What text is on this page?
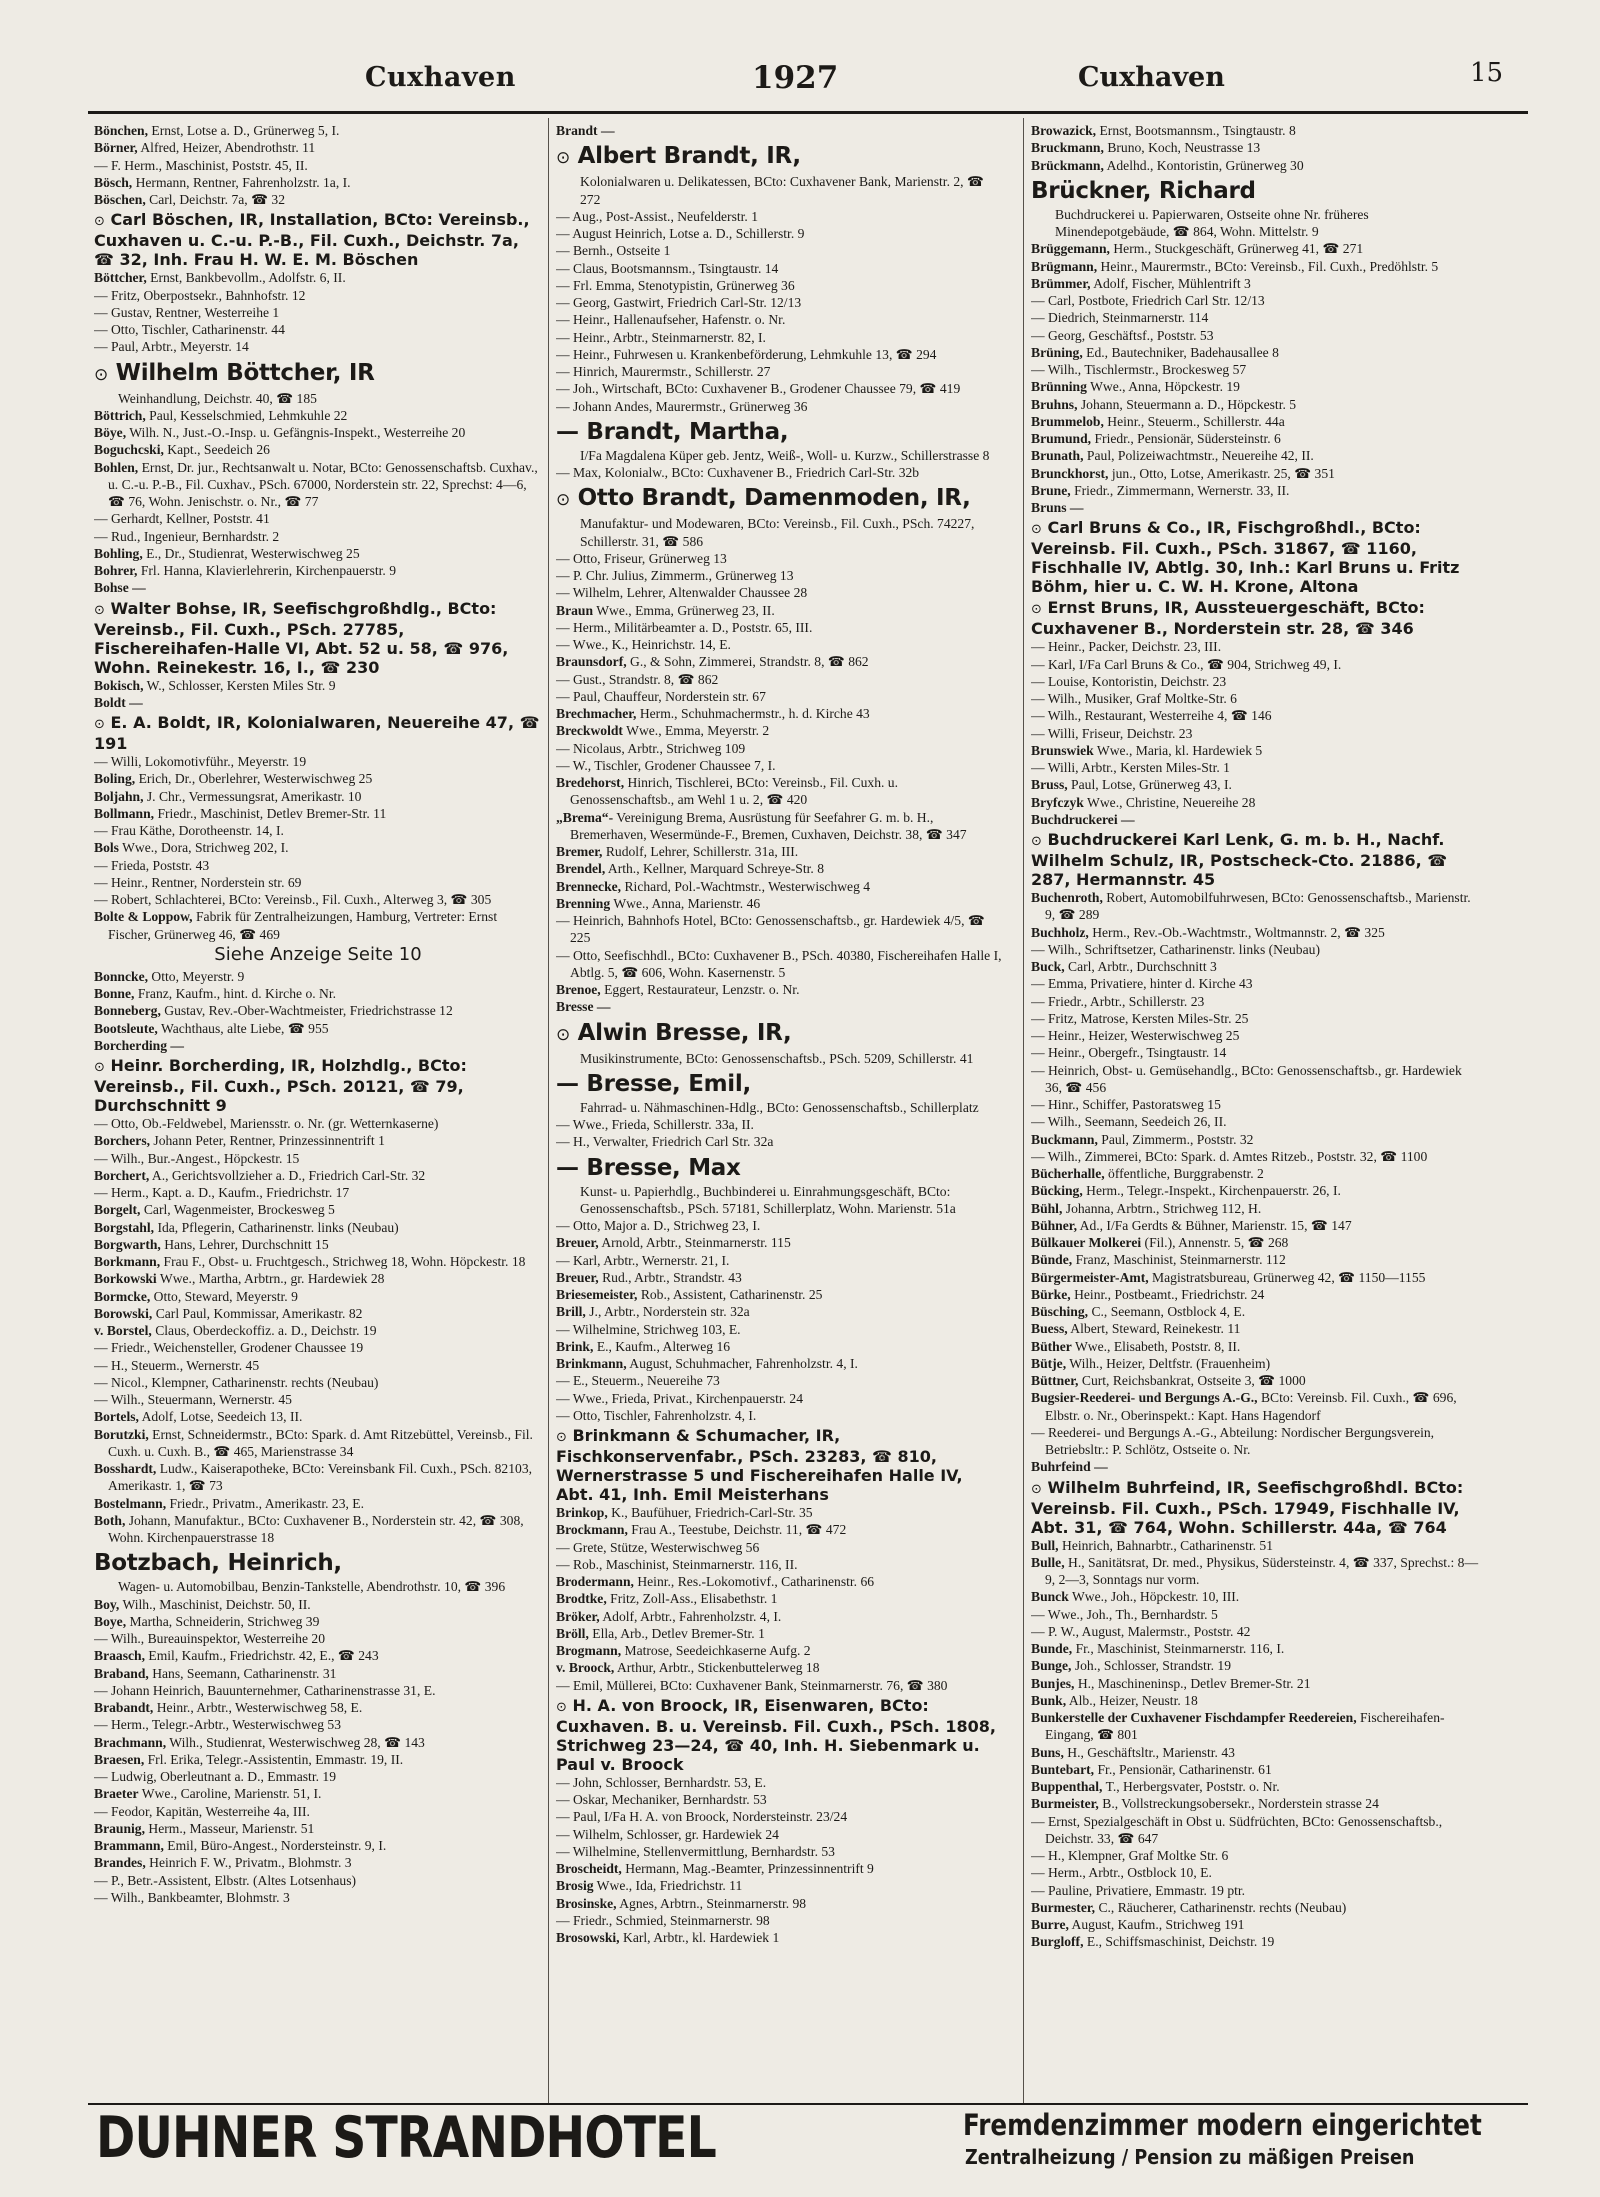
Cuxhaven	1927	Cuxhaven	15

Bönchen, Ernst, Lotse a. D., Grünerweg 5, I.

Börner, Alfred, Heizer, Abendrothstr. 11

— F. Herm., Maschinist, Poststr. 45, II.

Bösch, Hermann, Rentner, Fahrenholzstr. 1a, I.

Böschen, Carl, Deichstr. 7a, ☎ 32

⊙ Carl Böschen, IR, Installation, BCto: Vereinsb., Cuxhaven u. C.-u. P.-B., Fil. Cuxh., Deichstr. 7a, ☎ 32, Inh. Frau H. W. E. M. Böschen

Böttcher, Ernst, Bankbevollm., Adolfstr. 6, II.

— Fritz, Oberpostsekr., Bahnhofstr. 12

— Gustav, Rentner, Westerreihe 1

— Otto, Tischler, Catharinenstr. 44

— Paul, Arbtr., Meyerstr. 14

⊙ Wilhelm Böttcher, IR

Weinhandlung, Deichstr. 40, ☎ 185

Böttrich, Paul, Kesselschmied, Lehmkuhle 22

Böye, Wilh. N., Just.-O.-Insp. u. Gefängnis-Inspekt., Westerreihe 20

Boguchcski, Kapt., Seedeich 26

Bohlen, Ernst, Dr. jur., Rechtsanwalt u. Notar, BCto: Genossenschaftsb. Cuxhav., u. C.-u. P.-B., Fil. Cuxhav., PSch. 67000, Norderstein str. 22, Sprechst: 4—6, ☎ 76, Wohn. Jenischstr. o. Nr., ☎ 77

— Gerhardt, Kellner, Poststr. 41

— Rud., Ingenieur, Bernhardstr. 2

Bohling, E., Dr., Studienrat, Westerwischweg 25

Bohrer, Frl. Hanna, Klavierlehrerin, Kirchenpauerstr. 9

Bohse —

⊙ Walter Bohse, IR, Seefischgroßhdlg., BCto: Vereinsb., Fil. Cuxh., PSch. 27785, Fischereihafen-Halle VI, Abt. 52 u. 58, ☎ 976, Wohn. Reinekestr. 16, I., ☎ 230

Bokisch, W., Schlosser, Kersten Miles Str. 9

Boldt —

⊙ E. A. Boldt, IR, Kolonialwaren, Neuereihe 47, ☎ 191

— Willi, Lokomotivführ., Meyerstr. 19

Boling, Erich, Dr., Oberlehrer, Westerwischweg 25

Boljahn, J. Chr., Vermessungsrat, Amerikastr. 10

Bollmann, Friedr., Maschinist, Detlev Bremer-Str. 11

— Frau Käthe, Dorotheenstr. 14, I.

Bols Wwe., Dora, Strichweg 202, I.

— Frieda, Poststr. 43

— Heinr., Rentner, Norderstein str. 69

— Robert, Schlachterei, BCto: Vereinsb., Fil. Cuxh., Alterweg 3, ☎ 305

Bolte & Loppow, Fabrik für Zentralheizungen, Hamburg, Vertreter: Ernst Fischer, Grünerweg 46, ☎ 469

Siehe Anzeige Seite 10

Bonncke, Otto, Meyerstr. 9

Bonne, Franz, Kaufm., hint. d. Kirche o. Nr.

Bonneberg, Gustav, Rev.-Ober-Wachtmeister, Friedrichstrasse 12

Bootsleute, Wachthaus, alte Liebe, ☎ 955

Borcherding —

⊙ Heinr. Borcherding, IR, Holzhdlg., BCto: Vereinsb., Fil. Cuxh., PSch. 20121, ☎ 79, Durchschnitt 9

— Otto, Ob.-Feldwebel, Mariensstr. o. Nr. (gr. Wetternkaserne)

Borchers, Johann Peter, Rentner, Prinzessinnentrift 1

— Wilh., Bur.-Angest., Höpckestr. 15

Borchert, A., Gerichtsvollzieher a. D., Friedrich Carl-Str. 32

— Herm., Kapt. a. D., Kaufm., Friedrichstr. 17

Borgelt, Carl, Wagenmeister, Brockesweg 5

Borgstahl, Ida, Pflegerin, Catharinenstr. links (Neubau)

Borgwarth, Hans, Lehrer, Durchschnitt 15

Borkmann, Frau F., Obst- u. Fruchtgesch., Strichweg 18, Wohn. Höpckestr. 18

Borkowski Wwe., Martha, Arbtrn., gr. Hardewiek 28

Bormcke, Otto, Steward, Meyerstr. 9

Borowski, Carl Paul, Kommissar, Amerikastr. 82

v. Borstel, Claus, Oberdeckoffiz. a. D., Deichstr. 19

— Friedr., Weichensteller, Grodener Chaussee 19

— H., Steuerm., Wernerstr. 45

— Nicol., Klempner, Catharinenstr. rechts (Neubau)

— Wilh., Steuermann, Wernerstr. 45

Bortels, Adolf, Lotse, Seedeich 13, II.

Borutzki, Ernst, Schneidermstr., BCto: Spark. d. Amt Ritzebüttel, Vereinsb., Fil. Cuxh. u. Cuxh. B., ☎ 465, Marienstrasse 34

Bosshardt, Ludw., Kaiserapotheke, BCto: Vereinsbank Fil. Cuxh., PSch. 82103, Amerikastr. 1, ☎ 73

Bostelmann, Friedr., Privatm., Amerikastr. 23, E.

Both, Johann, Manufaktur., BCto: Cuxhavener B., Norderstein str. 42, ☎ 308, Wohn. Kirchenpauerstrasse 18

Botzbach, Heinrich,

Wagen- u. Automobilbau, Benzin-Tankstelle, Abendrothstr. 10, ☎ 396

Boy, Wilh., Maschinist, Deichstr. 50, II.

Boye, Martha, Schneiderin, Strichweg 39

— Wilh., Bureauinspektor, Westerreihe 20

Braasch, Emil, Kaufm., Friedrichstr. 42, E., ☎ 243

Braband, Hans, Seemann, Catharinenstr. 31

— Johann Heinrich, Bauunternehmer, Catharinenstrasse 31, E.

Brabandt, Heinr., Arbtr., Westerwischweg 58, E.

— Herm., Telegr.-Arbtr., Westerwischweg 53

Brachmann, Wilh., Studienrat, Westerwischweg 28, ☎ 143

Braesen, Frl. Erika, Telegr.-Assistentin, Emmastr. 19, II.

— Ludwig, Oberleutnant a. D., Emmastr. 19

Braeter Wwe., Caroline, Marienstr. 51, I.

— Feodor, Kapitän, Westerreihe 4a, III.

Braunig, Herm., Masseur, Marienstr. 51

Brammann, Emil, Büro-Angest., Nordersteinstr. 9, I.

Brandes, Heinrich F. W., Privatm., Blohmstr. 3

— P., Betr.-Assistent, Elbstr. (Altes Lotsenhaus)

— Wilh., Bankbeamter, Blohmstr. 3

Brandt —

⊙ Albert Brandt, IR,

Kolonialwaren u. Delikatessen, BCto: Cuxhavener Bank, Marienstr. 2, ☎ 272

— Aug., Post-Assist., Neufelderstr. 1

— August Heinrich, Lotse a. D., Schillerstr. 9

— Bernh., Ostseite 1

— Claus, Bootsmannsm., Tsingtaustr. 14

— Frl. Emma, Stenotypistin, Grünerweg 36

— Georg, Gastwirt, Friedrich Carl-Str. 12/13

— Heinr., Hallenaufseher, Hafenstr. o. Nr.

— Heinr., Arbtr., Steinmarnerstr. 82, I.

— Heinr., Fuhrwesen u. Krankenbeförderung, Lehmkuhle 13, ☎ 294

— Hinrich, Maurermstr., Schillerstr. 27

— Joh., Wirtschaft, BCto: Cuxhavener B., Grodener Chaussee 79, ☎ 419

— Johann Andes, Maurermstr., Grünerweg 36

— Brandt, Martha,

I/Fa Magdalena Küper geb. Jentz, Weiß-, Woll- u. Kurzw., Schillerstrasse 8

— Max, Kolonialw., BCto: Cuxhavener B., Friedrich Carl-Str. 32b

⊙ Otto Brandt, Damenmoden, IR,

Manufaktur- und Modewaren, BCto: Vereinsb., Fil. Cuxh., PSch. 74227, Schillerstr. 31, ☎ 586

— Otto, Friseur, Grünerweg 13

— P. Chr. Julius, Zimmerm., Grünerweg 13

— Wilhelm, Lehrer, Altenwalder Chaussee 28

Braun Wwe., Emma, Grünerweg 23, II.

— Herm., Militärbeamter a. D., Poststr. 65, III.

— Wwe., K., Heinrichstr. 14, E.

Braunsdorf, G., & Sohn, Zimmerei, Strandstr. 8, ☎ 862

— Gust., Strandstr. 8, ☎ 862

— Paul, Chauffeur, Norderstein str. 67

Brechmacher, Herm., Schuhmachermstr., h. d. Kirche 43

Breckwoldt Wwe., Emma, Meyerstr. 2

— Nicolaus, Arbtr., Strichweg 109

— W., Tischler, Grodener Chaussee 7, I.

Bredehorst, Hinrich, Tischlerei, BCto: Vereinsb., Fil. Cuxh. u. Genossenschaftsb., am Wehl 1 u. 2, ☎ 420

„Brema“- Vereinigung Brema, Ausrüstung für Seefahrer G. m. b. H., Bremerhaven, Wesermünde-F., Bremen, Cuxhaven, Deichstr. 38, ☎ 347

Bremer, Rudolf, Lehrer, Schillerstr. 31a, III.

Brendel, Arth., Kellner, Marquard Schreye-Str. 8

Brennecke, Richard, Pol.-Wachtmstr., Westerwischweg 4

Brenning Wwe., Anna, Marienstr. 46

— Heinrich, Bahnhofs Hotel, BCto: Genossenschaftsb., gr. Hardewiek 4/5, ☎ 225

— Otto, Seefischhdl., BCto: Cuxhavener B., PSch. 40380, Fischereihafen Halle I, Abtlg. 5, ☎ 606, Wohn. Kasernenstr. 5

Brenoe, Eggert, Restaurateur, Lenzstr. o. Nr.

Bresse —

⊙ Alwin Bresse, IR,

Musikinstrumente, BCto: Genossenschaftsb., PSch. 5209, Schillerstr. 41

— Bresse, Emil,

Fahrrad- u. Nähmaschinen-Hdlg., BCto: Genossenschaftsb., Schillerplatz

— Wwe., Frieda, Schillerstr. 33a, II.

— H., Verwalter, Friedrich Carl Str. 32a

— Bresse, Max

Kunst- u. Papierhdlg., Buchbinderei u. Einrahmungsgeschäft, BCto: Genossenschaftsb., PSch. 57181, Schillerplatz, Wohn. Marienstr. 51a

— Otto, Major a. D., Strichweg 23, I.

Breuer, Arnold, Arbtr., Steinmarnerstr. 115

— Karl, Arbtr., Wernerstr. 21, I.

Breuer, Rud., Arbtr., Strandstr. 43

Briesemeister, Rob., Assistent, Catharinenstr. 25

Brill, J., Arbtr., Norderstein str. 32a

— Wilhelmine, Strichweg 103, E.

Brink, E., Kaufm., Alterweg 16

Brinkmann, August, Schuhmacher, Fahrenholzstr. 4, I.

— E., Steuerm., Neuereihe 73

— Wwe., Frieda, Privat., Kirchenpauerstr. 24

— Otto, Tischler, Fahrenholzstr. 4, I.

⊙ Brinkmann & Schumacher, IR, Fischkonservenfabr., PSch. 23283, ☎ 810, Wernerstrasse 5 und Fischereihafen Halle IV, Abt. 41, Inh. Emil Meisterhans

Brinkop, K., Baufühuer, Friedrich-Carl-Str. 35

Brockmann, Frau A., Teestube, Deichstr. 11, ☎ 472

— Grete, Stütze, Westerwischweg 56

— Rob., Maschinist, Steinmarnerstr. 116, II.

Brodermann, Heinr., Res.-Lokomotivf., Catharinenstr. 66

Brodtke, Fritz, Zoll-Ass., Elisabethstr. 1

Bröker, Adolf, Arbtr., Fahrenholzstr. 4, I.

Bröll, Ella, Arb., Detlev Bremer-Str. 1

Brogmann, Matrose, Seedeichkaserne Aufg. 2

v. Broock, Arthur, Arbtr., Stickenbuttelerweg 18

— Emil, Müllerei, BCto: Cuxhavener Bank, Steinmarnerstr. 76, ☎ 380

⊙ H. A. von Broock, IR, Eisenwaren, BCto: Cuxhaven. B. u. Vereinsb. Fil. Cuxh., PSch. 1808, Strichweg 23—24, ☎ 40, Inh. H. Siebenmark u. Paul v. Broock

— John, Schlosser, Bernhardstr. 53, E.

— Oskar, Mechaniker, Bernhardstr. 53

— Paul, I/Fa H. A. von Broock, Nordersteinstr. 23/24

— Wilhelm, Schlosser, gr. Hardewiek 24

— Wilhelmine, Stellenvermittlung, Bernhardstr. 53

Broscheidt, Hermann, Mag.-Beamter, Prinzessinnentrift 9

Brosig Wwe., Ida, Friedrichstr. 11

Brosinske, Agnes, Arbtrn., Steinmarnerstr. 98

— Friedr., Schmied, Steinmarnerstr. 98

Brosowski, Karl, Arbtr., kl. Hardewiek 1

Browazick, Ernst, Bootsmannsm., Tsingtaustr. 8

Bruckmann, Bruno, Koch, Neustrasse 13

Brückmann, Adelhd., Kontoristin, Grünerweg 30

Brückner, Richard

Buchdruckerei u. Papierwaren, Ostseite ohne Nr. früheres Minendepotgebäude, ☎ 864, Wohn. Mittelstr. 9

Brüggemann, Herm., Stuckgeschäft, Grünerweg 41, ☎ 271

Brügmann, Heinr., Maurermstr., BCto: Vereinsb., Fil. Cuxh., Predöhlstr. 5

Brümmer, Adolf, Fischer, Mühlentrift 3

— Carl, Postbote, Friedrich Carl Str. 12/13

— Diedrich, Steinmarnerstr. 114

— Georg, Geschäftsf., Poststr. 53

Brüning, Ed., Bautechniker, Badehausallee 8

— Wilh., Tischlermstr., Brockesweg 57

Brünning Wwe., Anna, Höpckestr. 19

Bruhns, Johann, Steuermann a. D., Höpckestr. 5

Brummelob, Heinr., Steuerm., Schillerstr. 44a

Brumund, Friedr., Pensionär, Südersteinstr. 6

Brunath, Paul, Polizeiwachtmstr., Neuereihe 42, II.

Brunckhorst, jun., Otto, Lotse, Amerikastr. 25, ☎ 351

Brune, Friedr., Zimmermann, Wernerstr. 33, II.

Bruns —

⊙ Carl Bruns & Co., IR, Fischgroßhdl., BCto: Vereinsb. Fil. Cuxh., PSch. 31867, ☎ 1160, Fischhalle IV, Abtlg. 30, Inh.: Karl Bruns u. Fritz Böhm, hier u. C. W. H. Krone, Altona

⊙ Ernst Bruns, IR, Aussteuergeschäft, BCto: Cuxhavener B., Norderstein str. 28, ☎ 346

— Heinr., Packer, Deichstr. 23, III.

— Karl, I/Fa Carl Bruns & Co., ☎ 904, Strichweg 49, I.

— Louise, Kontoristin, Deichstr. 23

— Wilh., Musiker, Graf Moltke-Str. 6

— Wilh., Restaurant, Westerreihe 4, ☎ 146

— Willi, Friseur, Deichstr. 23

Brunswiek Wwe., Maria, kl. Hardewiek 5

— Willi, Arbtr., Kersten Miles-Str. 1

Bruss, Paul, Lotse, Grünerweg 43, I.

Bryfczyk Wwe., Christine, Neuereihe 28

Buchdruckerei —

⊙ Buchdruckerei Karl Lenk, G. m. b. H., Nachf. Wilhelm Schulz, IR, Postscheck-Cto. 21886, ☎ 287, Hermannstr. 45

Buchenroth, Robert, Automobilfuhrwesen, BCto: Genossenschaftsb., Marienstr. 9, ☎ 289

Buchholz, Herm., Rev.-Ob.-Wachtmstr., Woltmannstr. 2, ☎ 325

— Wilh., Schriftsetzer, Catharinenstr. links (Neubau)

Buck, Carl, Arbtr., Durchschnitt 3

— Emma, Privatiere, hinter d. Kirche 43

— Friedr., Arbtr., Schillerstr. 23

— Fritz, Matrose, Kersten Miles-Str. 25

— Heinr., Heizer, Westerwischweg 25

— Heinr., Obergefr., Tsingtaustr. 14

— Heinrich, Obst- u. Gemüsehandlg., BCto: Genossenschaftsb., gr. Hardewiek 36, ☎ 456

— Hinr., Schiffer, Pastoratsweg 15

— Wilh., Seemann, Seedeich 26, II.

Buckmann, Paul, Zimmerm., Poststr. 32

— Wilh., Zimmerei, BCto: Spark. d. Amtes Ritzeb., Poststr. 32, ☎ 1100

Bücherhalle, öffentliche, Burggrabenstr. 2

Bücking, Herm., Telegr.-Inspekt., Kirchenpauerstr. 26, I.

Bühl, Johanna, Arbtrn., Strichweg 112, H.

Bühner, Ad., I/Fa Gerdts & Bühner, Marienstr. 15, ☎ 147

Bülkauer Molkerei (Fil.), Annenstr. 5, ☎ 268

Bünde, Franz, Maschinist, Steinmarnerstr. 112

Bürgermeister-Amt, Magistratsbureau, Grünerweg 42, ☎ 1150—1155

Bürke, Heinr., Postbeamt., Friedrichstr. 24

Büsching, C., Seemann, Ostblock 4, E.

Buess, Albert, Steward, Reinekestr. 11

Büther Wwe., Elisabeth, Poststr. 8, II.

Bütje, Wilh., Heizer, Deltfstr. (Frauenheim)

Büttner, Curt, Reichsbankrat, Ostseite 3, ☎ 1000

Bugsier-Reederei- und Bergungs A.-G., BCto: Vereinsb. Fil. Cuxh., ☎ 696, Elbstr. o. Nr., Oberinspekt.: Kapt. Hans Hagendorf

— Reederei- und Bergungs A.-G., Abteilung: Nordischer Bergungsverein, Betriebsltr.: P. Schlötz, Ostseite o. Nr.

Buhrfeind —

⊙ Wilhelm Buhrfeind, IR, Seefischgroßhdl. BCto: Vereinsb. Fil. Cuxh., PSch. 17949, Fischhalle IV, Abt. 31, ☎ 764, Wohn. Schillerstr. 44a, ☎ 764

Bull, Heinrich, Bahnarbtr., Catharinenstr. 51

Bulle, H., Sanitätsrat, Dr. med., Physikus, Südersteinstr. 4, ☎ 337, Sprechst.: 8—9, 2—3, Sonntags nur vorm.

Bunck Wwe., Joh., Höpckestr. 10, III.

— Wwe., Joh., Th., Bernhardstr. 5

— P. W., August, Malermstr., Poststr. 42

Bunde, Fr., Maschinist, Steinmarnerstr. 116, I.

Bunge, Joh., Schlosser, Strandstr. 19

Bunjes, H., Maschineninsp., Detlev Bremer-Str. 21

Bunk, Alb., Heizer, Neustr. 18

Bunkerstelle der Cuxhavener Fischdampfer Reedereien, Fischereihafen-Eingang, ☎ 801

Buns, H., Geschäftsltr., Marienstr. 43

Buntebart, Fr., Pensionär, Catharinenstr. 61

Buppenthal, T., Herbergsvater, Poststr. o. Nr.

Burmeister, B., Vollstreckungsobersekr., Norderstein strasse 24

— Ernst, Spezialgeschäft in Obst u. Südfrüchten, BCto: Genossenschaftsb., Deichstr. 33, ☎ 647

— H., Klempner, Graf Moltke Str. 6

— Herm., Arbtr., Ostblock 10, E.

— Pauline, Privatiere, Emmastr. 19 ptr.

Burmester, C., Räucherer, Catharinenstr. rechts (Neubau)

Burre, August, Kaufm., Strichweg 191

Burgloff, E., Schiffsmaschinist, Deichstr. 19

DUHNER STRANDHOTEL	Fremdenzimmer modern eingerichtet
Zentralheizung / Pension zu mäßigen Preisen
